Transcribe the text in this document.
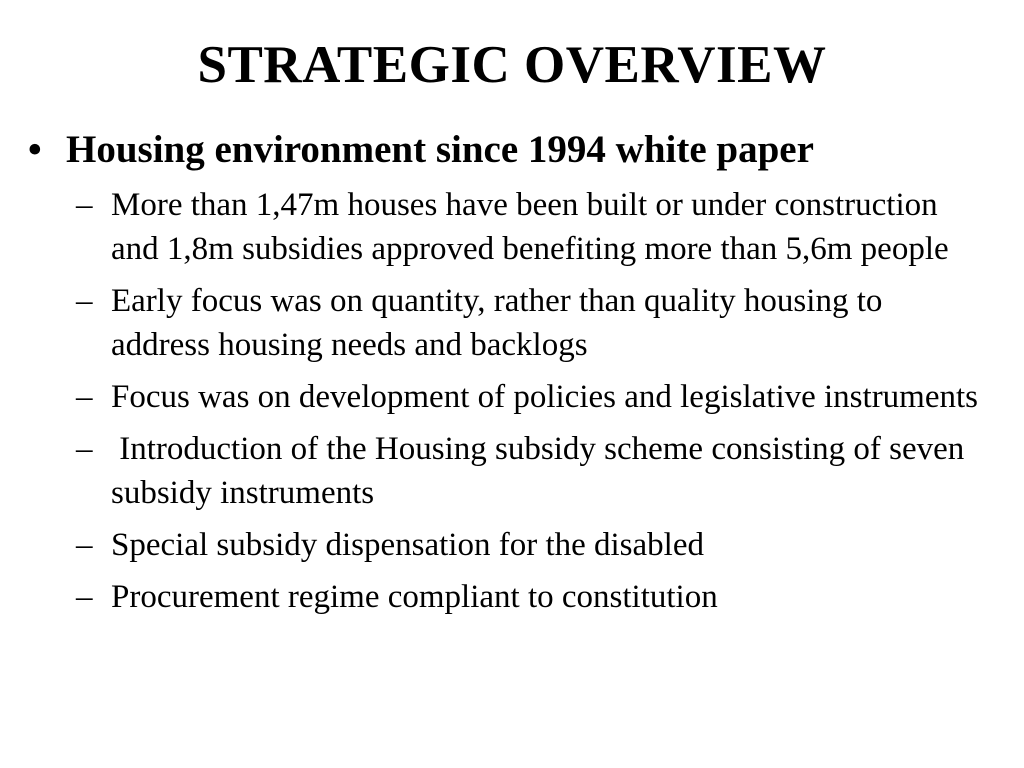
STRATEGIC OVERVIEW
• Housing environment since 1994 white paper
– More than 1,47m houses have been built or under construction and 1,8m subsidies approved benefiting more than 5,6m people
– Early focus was on quantity, rather than quality housing to address housing needs and backlogs
– Focus was on development of policies and legislative instruments
– Introduction of the Housing subsidy scheme consisting of seven subsidy instruments
– Special subsidy dispensation for the disabled
– Procurement regime compliant to constitution
